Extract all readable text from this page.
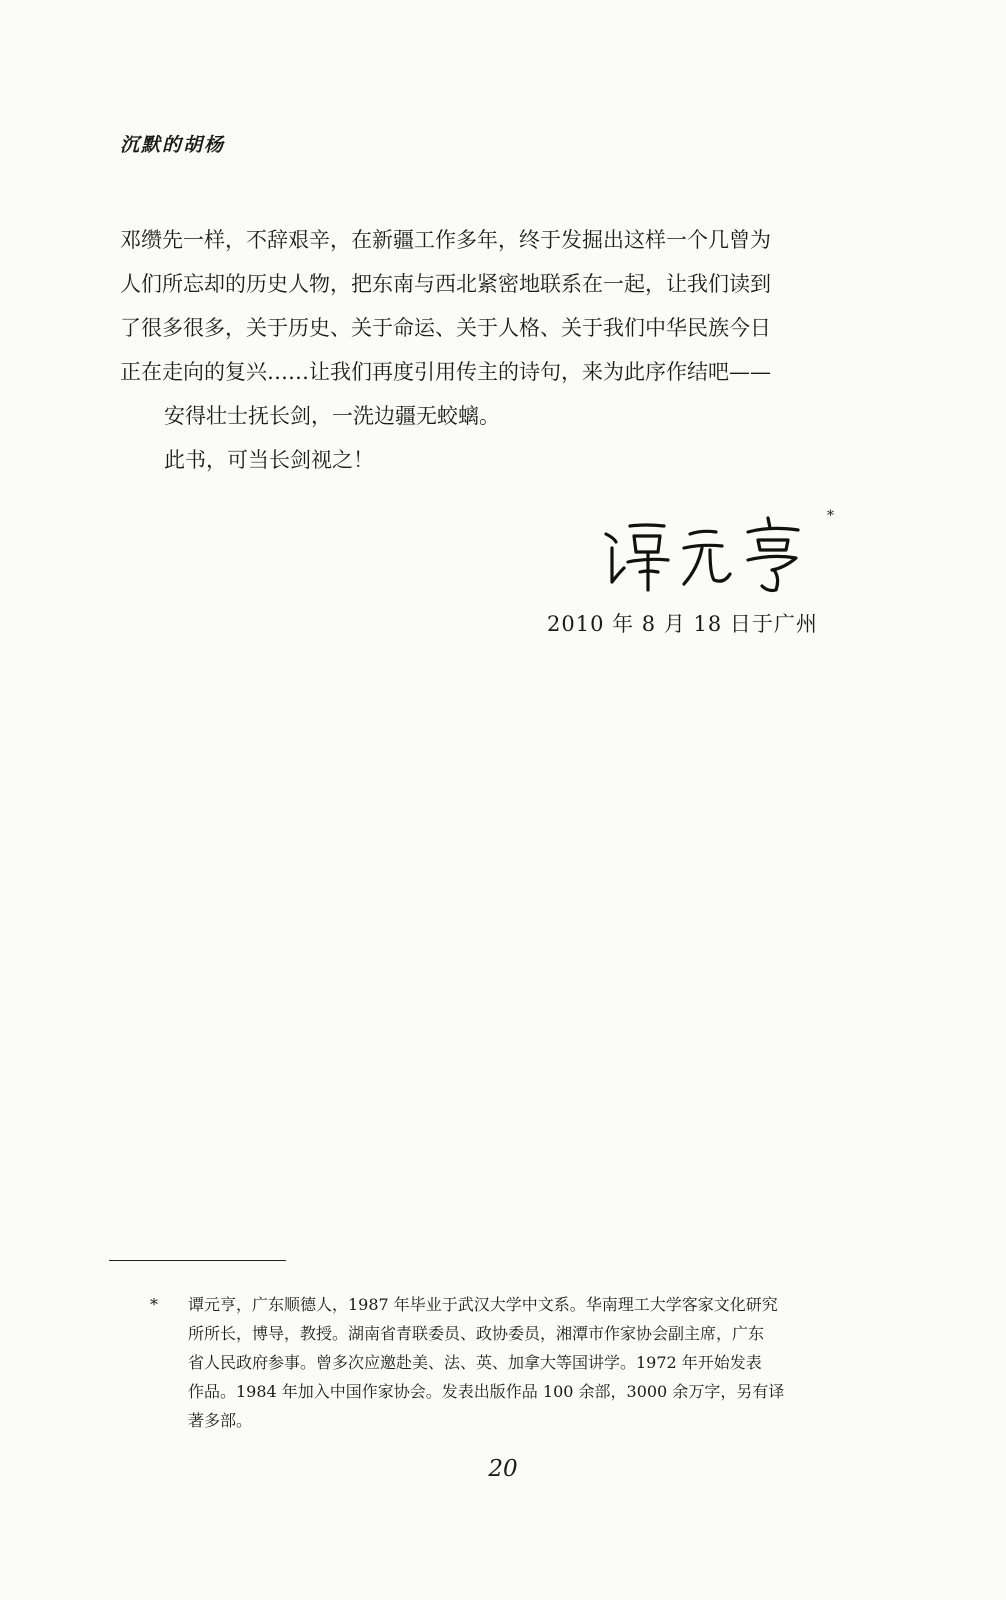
沉默的胡杨
邓缵先一样，不辞艰辛，在新疆工作多年，终于发掘出这样一个几曾为
人们所忘却的历史人物，把东南与西北紧密地联系在一起，让我们读到
了很多很多，关于历史、关于命运、关于人格、关于我们中华民族今日
正在走向的复兴……让我们再度引用传主的诗句，来为此序作结吧——
安得壮士抚长剑，一洗边疆无蛟螭。
此书，可当长剑视之！
*
2010 年 8 月 18 日于广州
*	谭元亨，广东顺德人，1987 年毕业于武汉大学中文系。华南理工大学客家文化研究
所所长，博导，教授。湖南省青联委员、政协委员，湘潭市作家协会副主席，广东
省人民政府参事。曾多次应邀赴美、法、英、加拿大等国讲学。1972 年开始发表
作品。1984 年加入中国作家协会。发表出版作品 100 余部，3000 余万字，另有译
著多部。
20
